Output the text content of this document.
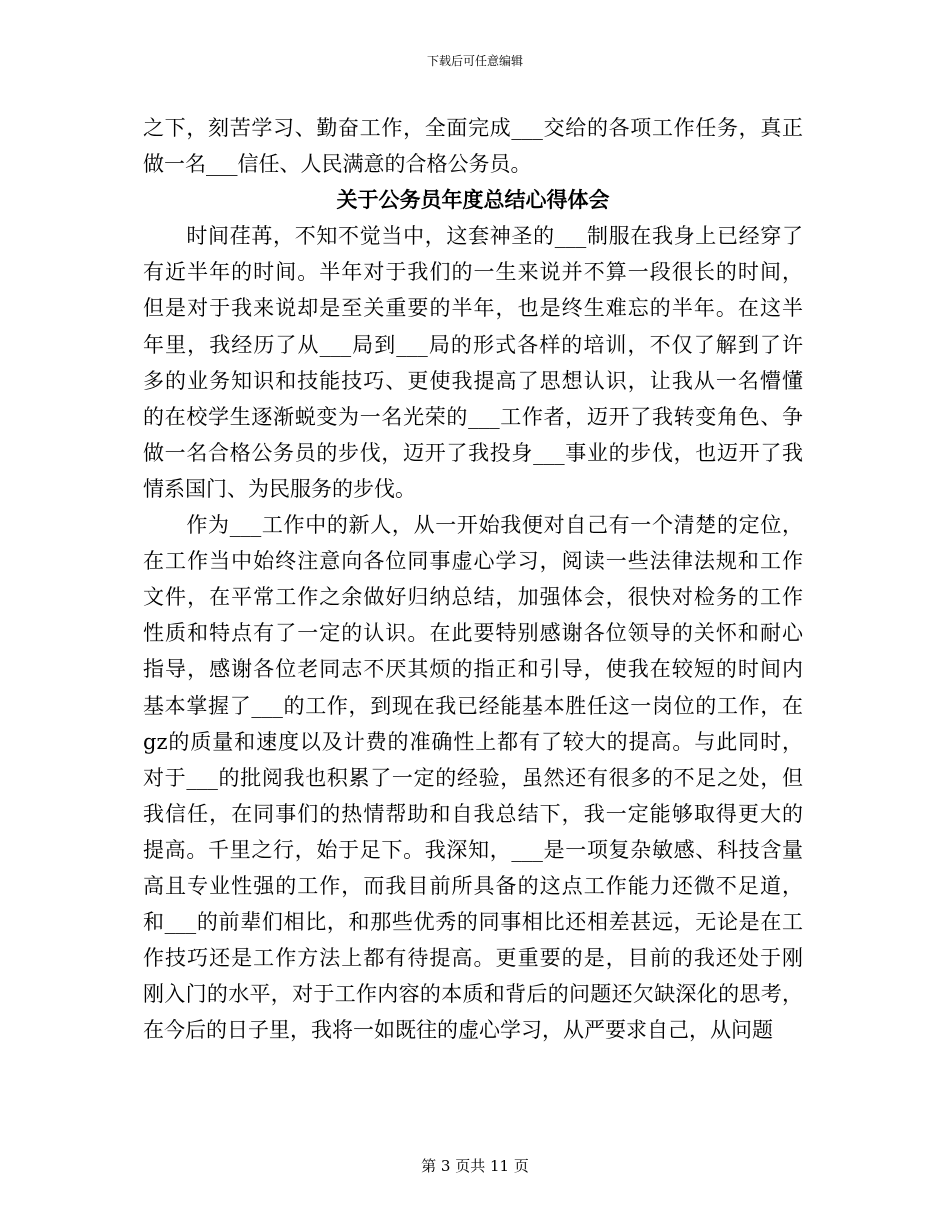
下载后可任意编辑
之下，刻苦学习、勤奋工作，全面完成___交给的各项工作任务，真正
做一名___信任、人民满意的合格公务员。
关于公务员年度总结心得体会
　　时间荏苒，不知不觉当中，这套神圣的___制服在我身上已经穿了
有近半年的时间。半年对于我们的一生来说并不算一段很长的时间，
但是对于我来说却是至关重要的半年，也是终生难忘的半年。在这半
年里，我经历了从___局到___局的形式各样的培训，不仅了解到了许
多的业务知识和技能技巧、更使我提高了思想认识，让我从一名懵懂
的在校学生逐渐蜕变为一名光荣的___工作者，迈开了我转变角色、争
做一名合格公务员的步伐，迈开了我投身___事业的步伐，也迈开了我
情系国门、为民服务的步伐。
　　作为___工作中的新人，从一开始我便对自己有一个清楚的定位，
在工作当中始终注意向各位同事虚心学习，阅读一些法律法规和工作
文件，在平常工作之余做好归纳总结，加强体会，很快对检务的工作
性质和特点有了一定的认识。在此要特别感谢各位领导的关怀和耐心
指导，感谢各位老同志不厌其烦的指正和引导，使我在较短的时间内
基本掌握了___的工作，到现在我已经能基本胜任这一岗位的工作，在
gz的质量和速度以及计费的准确性上都有了较大的提高。与此同时，
对于___的批阅我也积累了一定的经验，虽然还有很多的不足之处，但
我信任，在同事们的热情帮助和自我总结下，我一定能够取得更大的
提高。千里之行，始于足下。我深知，___是一项复杂敏感、科技含量
高且专业性强的工作，而我目前所具备的这点工作能力还微不足道，
和___的前辈们相比，和那些优秀的同事相比还相差甚远，无论是在工
作技巧还是工作方法上都有待提高。更重要的是，目前的我还处于刚
刚入门的水平，对于工作内容的本质和背后的问题还欠缺深化的思考，
在今后的日子里，我将一如既往的虚心学习，从严要求自己，从问题
第 3 页共 11 页
